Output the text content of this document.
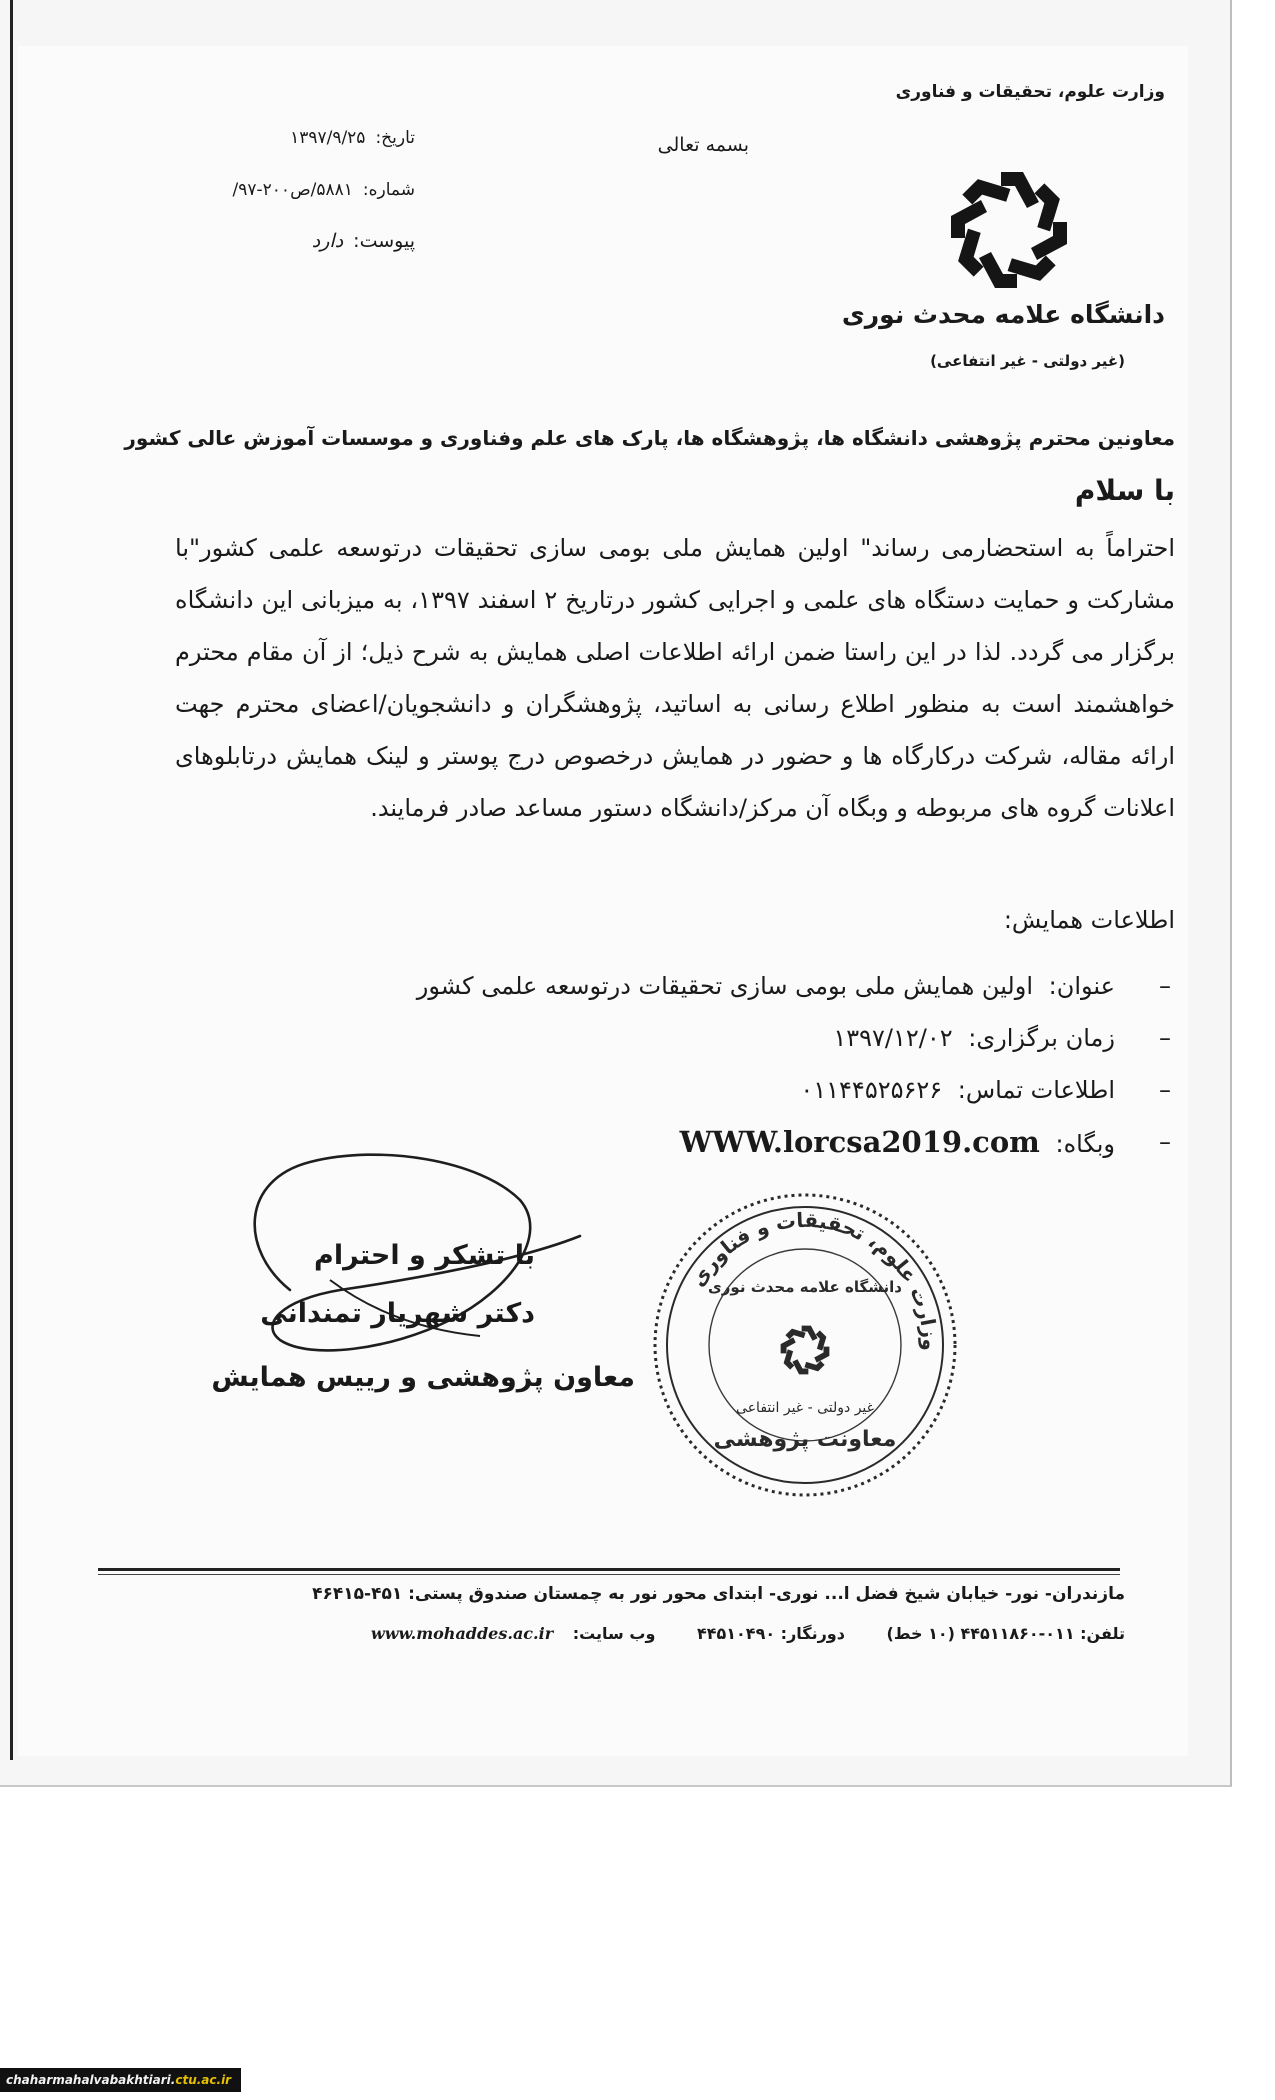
وزارت علوم، تحقیقات و فناوری
دانشگاه علامه محدث نوری
(غیر دولتی - غیر انتفاعی)
بسمه تعالی
تاریخ:۱۳۹۷/۹/۲۵
شماره:۵۸۸۱/ص۲۰۰-۹۷/
پیوست:دارد
معاونین محترم پژوهشی دانشگاه ها، پژوهشگاه ها، پارک های علم وفناوری و موسسات آموزش عالی کشور
با سلام
احتراماً به استحضارمی رساند" اولین همایش ملی بومی سازی تحقیقات درتوسعه علمی کشور"با مشارکت و حمایت دستگاه های علمی و اجرایی کشور درتاریخ ۲ اسفند ۱۳۹۷، به میزبانی این دانشگاه برگزار می گردد. لذا در این راستا ضمن ارائه اطلاعات اصلی همایش به شرح ذیل؛ از آن مقام محترم خواهشمند است به منظور اطلاع رسانی به اساتید، پژوهشگران و دانشجویان/اعضای محترم جهت ارائه مقاله، شرکت درکارگاه ها و حضور در همایش درخصوص درج پوستر و لینک همایش درتابلوهای اعلانات گروه های مربوطه و وبگاه آن مرکز/دانشگاه دستور مساعد صادر فرمایند.
اطلاعات همایش:
–
عنوان: اولین همایش ملی بومی سازی تحقیقات درتوسعه علمی کشور
–
زمان برگزاری: ۱۳۹۷/۱۲/۰۲
–
اطلاعات تماس: ۰۱۱۴۴۵۲۵۶۲۶
–
وبگاه: WWW.lorcsa2019.com
با تشکر و احترام
دکتر شهریار تمندانی
معاون پژوهشی و رییس همایش
وزارت علوم، تحقیقات و فناوری
دانشگاه علامه محدث نوری
غیر دولتی - غیر انتفاعی
معاونت پژوهشی
مازندران- نور- خیابان شیخ فضل ا... نوری- ابتدای محور نور به چمستان صندوق پستی: ۴۵۱-۴۶۴۱۵
تلفن: ۰۱۱-۴۴۵۱۱۸۶۰ (۱۰ خط) دورنگار: ۴۴۵۱۰۴۹۰ وب سایت: www.mohaddes.ac.ir
chaharmahalvabakhtiari.ctu.ac.ir
